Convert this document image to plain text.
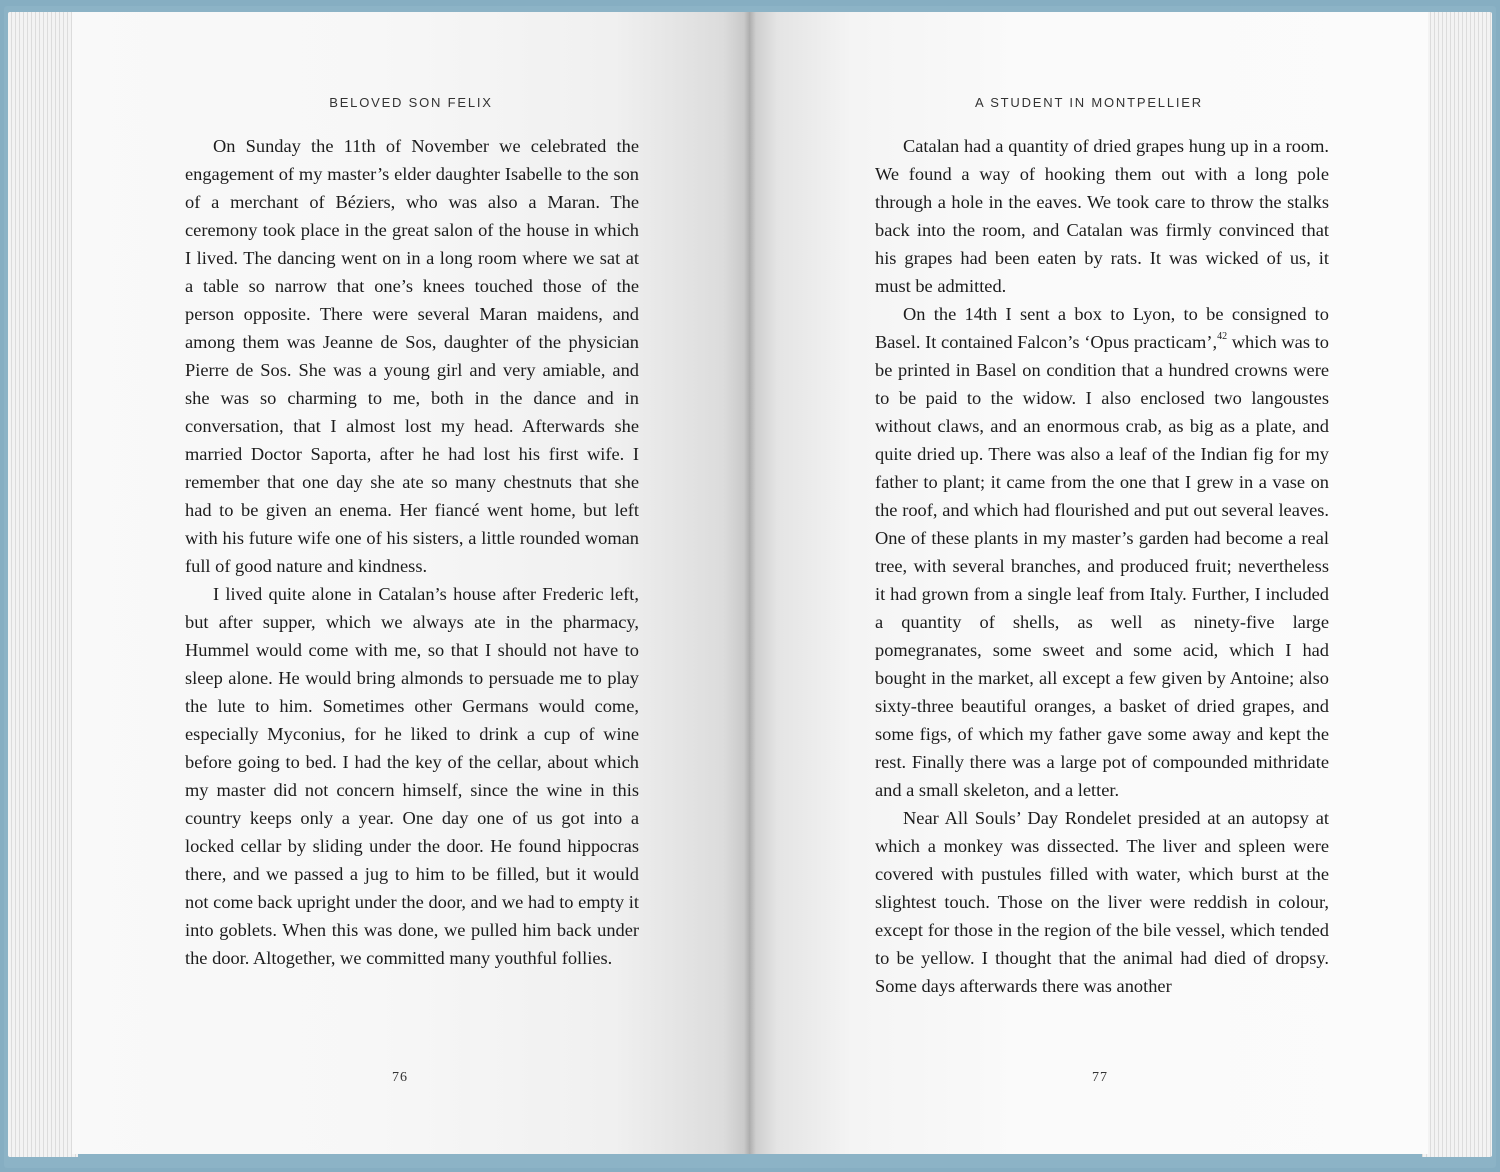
BELOVED SON FELIX

On Sunday the 11th of November we celebrated the engagement of my master’s elder daughter Isabelle to the son of a merchant of Béziers, who was also a Maran. The ceremony took place in the great salon of the house in which I lived. The dancing went on in a long room where we sat at a table so narrow that one’s knees touched those of the person opposite. There were several Maran maidens, and among them was Jeanne de Sos, daughter of the physician Pierre de Sos. She was a young girl and very amiable, and she was so charming to me, both in the dance and in conversation, that I almost lost my head. Afterwards she married Doctor Saporta, after he had lost his first wife. I remember that one day she ate so many chestnuts that she had to be given an enema. Her fiancé went home, but left with his future wife one of his sisters, a little rounded woman full of good nature and kindness.

I lived quite alone in Catalan’s house after Frederic left, but after supper, which we always ate in the pharmacy, Hummel would come with me, so that I should not have to sleep alone. He would bring almonds to persuade me to play the lute to him. Sometimes other Germans would come, especially Myconius, for he liked to drink a cup of wine before going to bed. I had the key of the cellar, about which my master did not concern himself, since the wine in this country keeps only a year. One day one of us got into a locked cellar by sliding under the door. He found hippocras there, and we passed a jug to him to be filled, but it would not come back upright under the door, and we had to empty it into goblets. When this was done, we pulled him back under the door. Altogether, we committed many youthful follies.

76
A STUDENT IN MONTPELLIER

Catalan had a quantity of dried grapes hung up in a room. We found a way of hooking them out with a long pole through a hole in the eaves. We took care to throw the stalks back into the room, and Catalan was firmly convinced that his grapes had been eaten by rats. It was wicked of us, it must be admitted.

On the 14th I sent a box to Lyon, to be consigned to Basel. It contained Falcon’s ‘Opus practicam’,$^{42}$ which was to be printed in Basel on condition that a hundred crowns were to be paid to the widow. I also enclosed two langoustes without claws, and an enormous crab, as big as a plate, and quite dried up. There was also a leaf of the Indian fig for my father to plant; it came from the one that I grew in a vase on the roof, and which had flourished and put out several leaves. One of these plants in my master’s garden had become a real tree, with several branches, and produced fruit; nevertheless it had grown from a single leaf from Italy. Further, I included a quantity of shells, as well as ninety-five large pomegranates, some sweet and some acid, which I had bought in the market, all except a few given by Antoine; also sixty-three beautiful oranges, a basket of dried grapes, and some figs, of which my father gave some away and kept the rest. Finally there was a large pot of compounded mithridate and a small skeleton, and a letter.

Near All Souls’ Day Rondelet presided at an autopsy at which a monkey was dissected. The liver and spleen were covered with pustules filled with water, which burst at the slightest touch. Those on the liver were reddish in colour, except for those in the region of the bile vessel, which tended to be yellow. I thought that the animal had died of dropsy. Some days afterwards there was another

77
